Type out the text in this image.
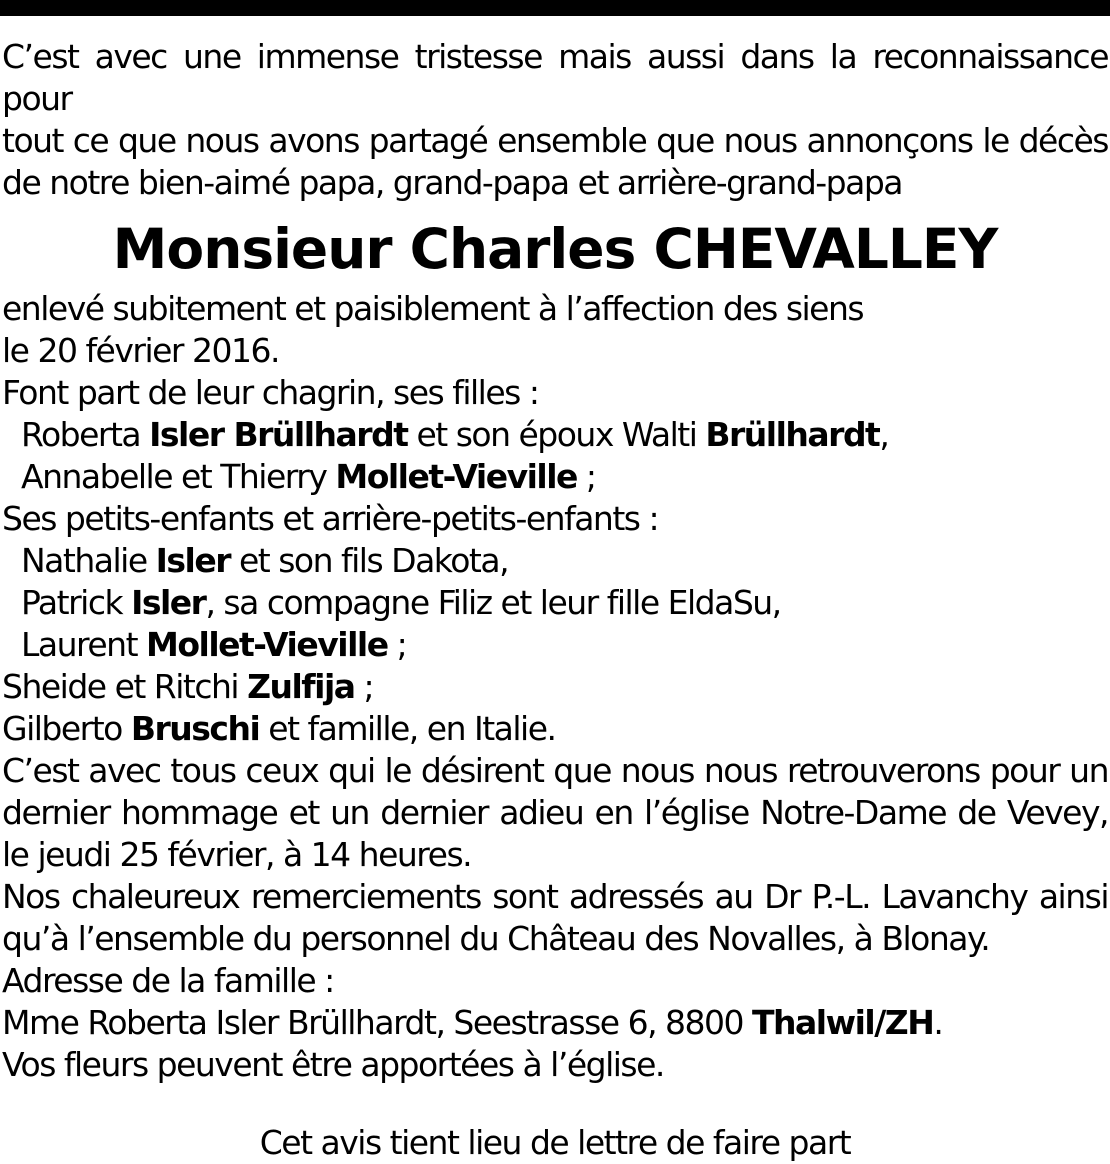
C’est avec une immense tristesse mais aussi dans la reconnaissance pour
tout ce que nous avons partagé ensemble que nous annonçons le décès
de notre bien-aimé papa, grand-papa et arrière-grand-papa
Monsieur Charles CHEVALLEY
enlevé subitement et paisiblement à l’affection des siens
le 20 février 2016.
Font part de leur chagrin, ses filles :
Roberta Isler Brüllhardt et son époux Walti Brüllhardt,
Annabelle et Thierry Mollet-Vieville ;
Ses petits-enfants et arrière-petits-enfants :
Nathalie Isler et son fils Dakota,
Patrick Isler, sa compagne Filiz et leur fille EldaSu,
Laurent Mollet-Vieville ;
Sheide et Ritchi Zulfija ;
Gilberto Bruschi et famille, en Italie.
C’est avec tous ceux qui le désirent que nous nous retrouverons pour un
dernier hommage et un dernier adieu en l’église Notre-Dame de Vevey,
le jeudi 25 février, à 14 heures.
Nos chaleureux remerciements sont adressés au Dr P.-L. Lavanchy ainsi
qu’à l’ensemble du personnel du Château des Novalles, à Blonay.
Adresse de la famille :
Mme Roberta Isler Brüllhardt, Seestrasse 6, 8800 Thalwil/ZH.
Vos fleurs peuvent être apportées à l’église.
Cet avis tient lieu de lettre de faire part
